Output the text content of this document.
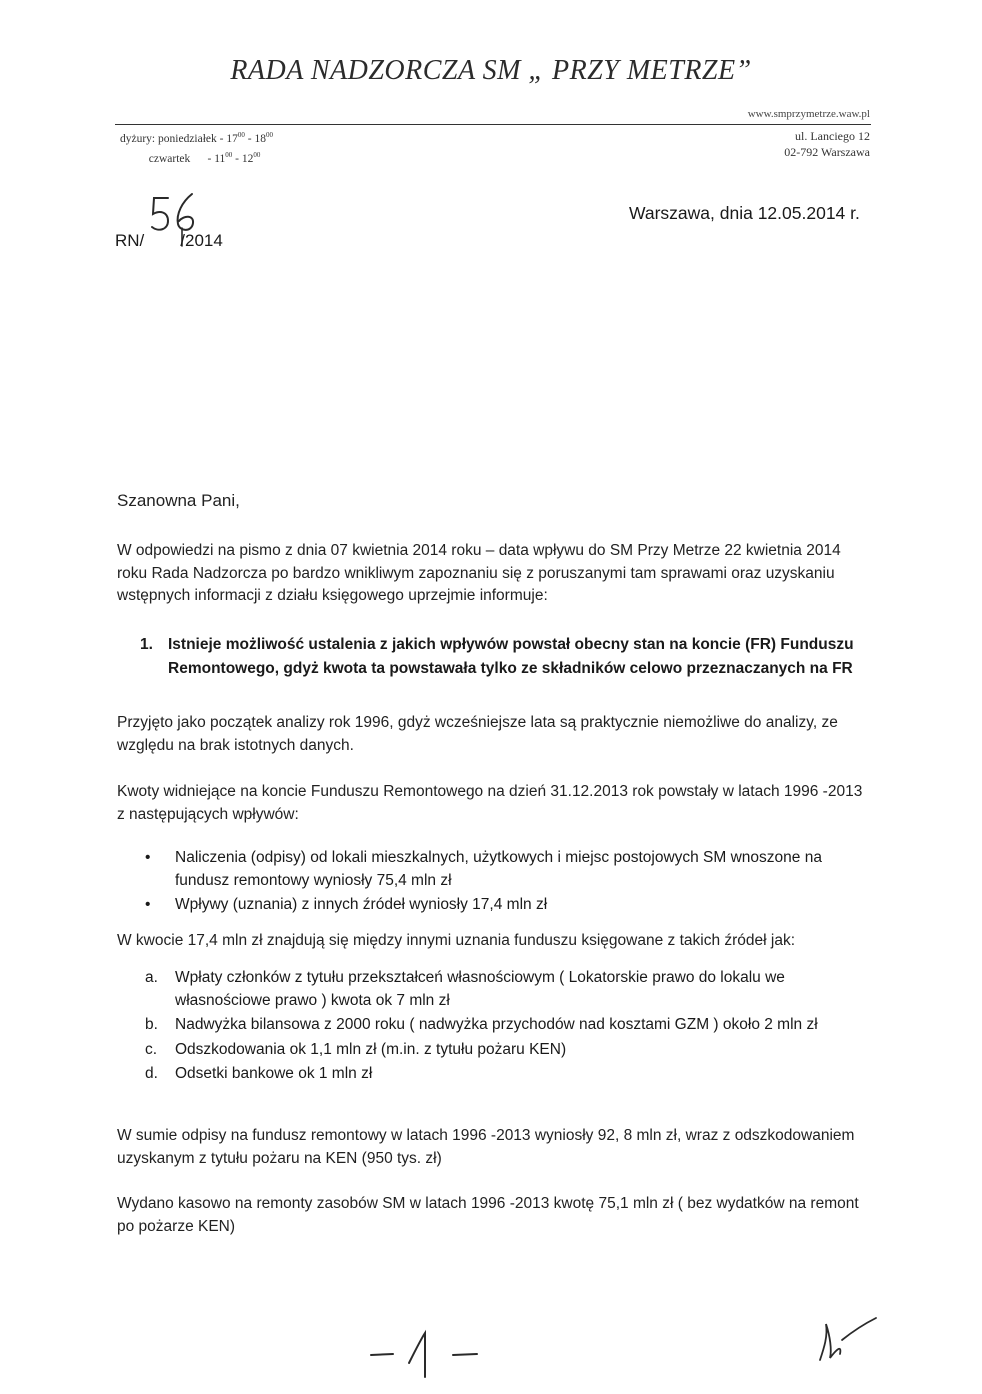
RADA NADZORCZA SM „ PRZY METRZE”
www.smprzymetrze.waw.pl
dyżury: poniedziałek - $17^{00} - 18^{00}$
czwartek      - $11^{00} - 12^{00}$
ul. Lanciego 12
02-792 Warszawa
RN/ /2014
Warszawa, dnia 12.05.2014 r.
Szanowna Pani,
W odpowiedzi na pismo z dnia 07 kwietnia 2014 roku – data wpływu do SM Przy Metrze 22 kwietnia 2014 roku Rada Nadzorcza po bardzo wnikliwym zapoznaniu się z poruszanymi tam sprawami oraz uzyskaniu wstępnych informacji z działu księgowego uprzejmie informuje:
1. Istnieje możliwość ustalenia z jakich wpływów powstał obecny stan na koncie (FR) Funduszu Remontowego, gdyż kwota ta powstawała tylko ze składników celowo przeznaczanych na FR
Przyjęto jako początek analizy rok 1996, gdyż wcześniejsze lata są praktycznie niemożliwe do analizy, ze względu na brak istotnych danych.
Kwoty widniejące na koncie Funduszu Remontowego na dzień 31.12.2013 rok powstały w latach 1996 -2013 z następujących wpływów:
• Naliczenia (odpisy) od lokali mieszkalnych, użytkowych i miejsc postojowych SM wnoszone na fundusz remontowy wyniosły 75,4 mln zł
• Wpływy (uznania) z innych źródeł wyniosły 17,4 mln zł
W kwocie 17,4 mln zł znajdują się między innymi uznania funduszu księgowane z takich źródeł jak:
a. Wpłaty członków z tytułu przekształceń własnościowym ( Lokatorskie prawo do lokalu we własnościowe prawo ) kwota ok 7 mln zł
b. Nadwyżka bilansowa z 2000 roku ( nadwyżka przychodów nad kosztami GZM ) około 2 mln zł
c. Odszkodowania ok 1,1 mln zł (m.in. z tytułu pożaru KEN)
d. Odsetki bankowe ok 1 mln zł
W sumie odpisy na fundusz remontowy w latach 1996 -2013 wyniosły 92, 8 mln zł, wraz z odszkodowaniem uzyskanym z tytułu pożaru na KEN (950 tys. zł)
Wydano kasowo na remonty zasobów SM w latach 1996 -2013 kwotę 75,1 mln zł ( bez wydatków na remont po pożarze KEN)
